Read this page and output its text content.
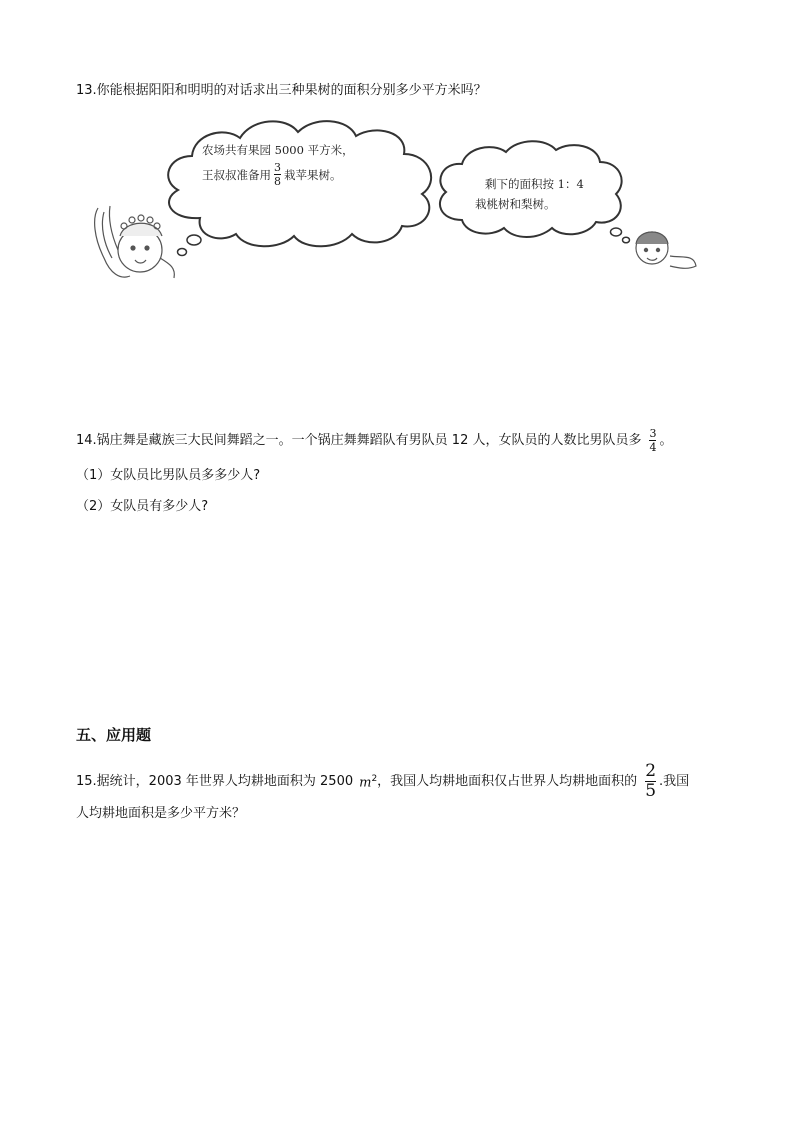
13.你能根据阳阳和明明的对话求出三种果树的面积分别多少平方米吗？
农场共有果园 5000 平方米，
王叔叔准备用 $\frac{3}{8}$ 栽苹果树。
剩下的面积按 1：4
栽桃树和梨树。
14.锅庄舞是藏族三大民间舞蹈之一。一个锅庄舞舞蹈队有男队员 12 人，女队员的人数比男队员多 $\frac{3}{4}$ 。
（1）女队员比男队员多多少人?
（2）女队员有多少人?
五、应用题
15.据统计，2003 年世界人均耕地面积为 2500 $m^2$ ，我国人均耕地面积仅占世界人均耕地面积的 $\frac{2}{5}$ .我国
人均耕地面积是多少平方米？
